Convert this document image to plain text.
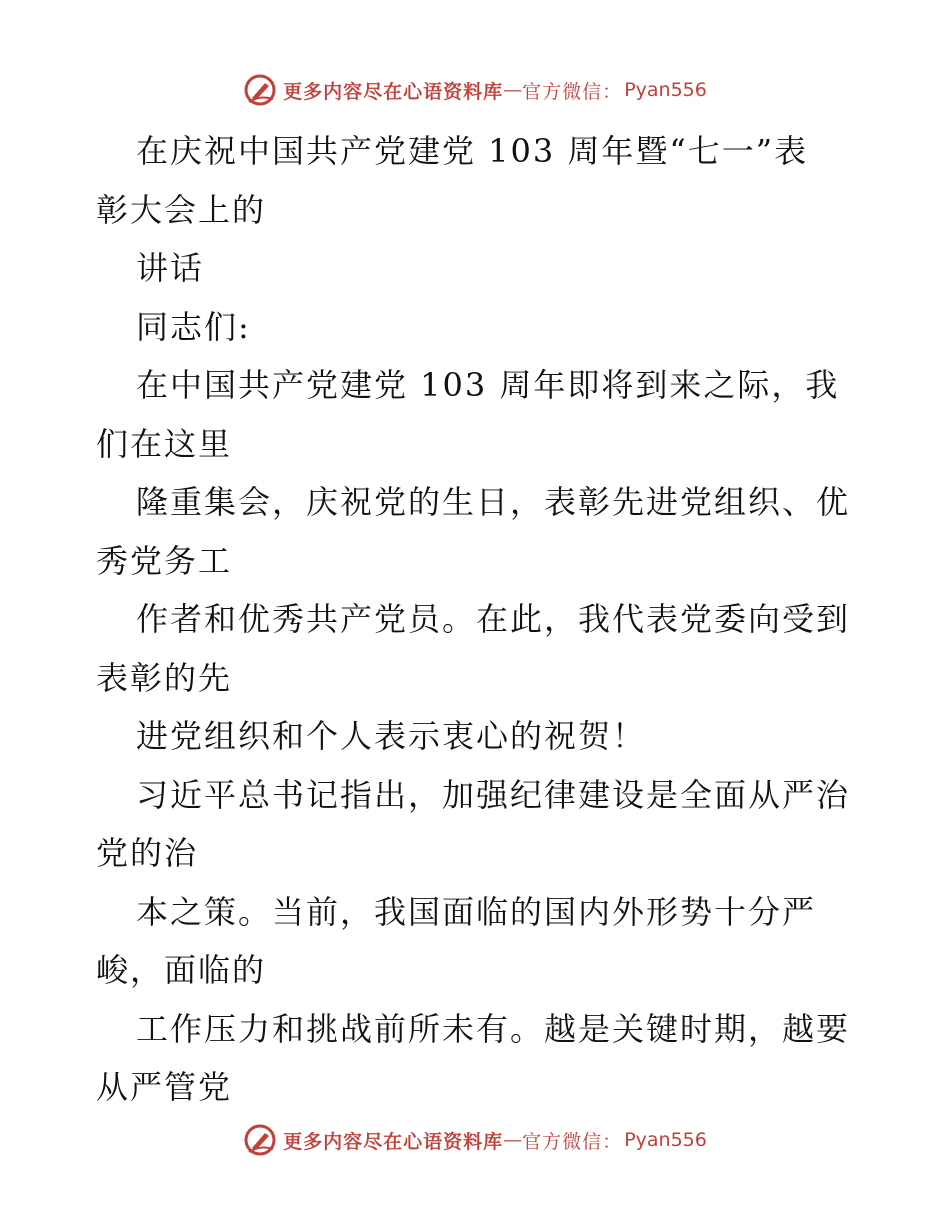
更多内容尽在心语资料库 — 官方微信： Pyan556
在庆祝中国共产党建党 103 周年暨“七一”表
彰大会上的
讲话
同志们:
在中国共产党建党 103 周年即将到来之际，我
们在这里
隆重集会，庆祝党的生日，表彰先进党组织、优
秀党务工
作者和优秀共产党员。在此，我代表党委向受到
表彰的先
进党组织和个人表示衷心的祝贺！
习近平总书记指出，加强纪律建设是全面从严治
党的治
本之策。当前，我国面临的国内外形势十分严
峻，面临的
工作压力和挑战前所未有。越是关键时期，越要
从严管党
更多内容尽在心语资料库 — 官方微信： Pyan556
